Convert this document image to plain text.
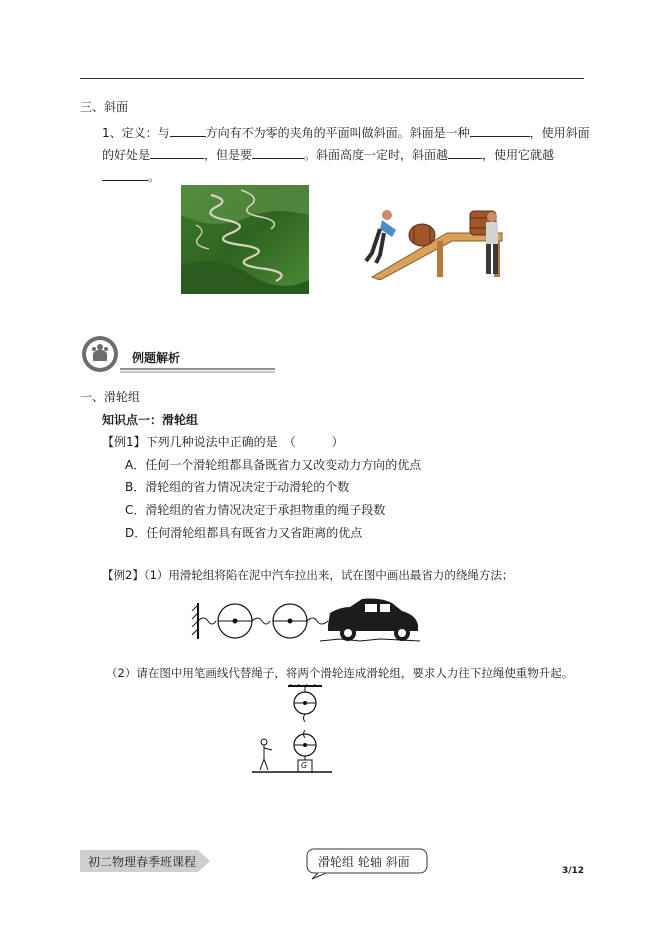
三、斜面
1、定义：与	方向有不为零的夹角的平面叫做斜面。斜面是一种	，使用斜面
的好处是	，但是要	。斜面高度一定时，斜面越	，使用它就越
。
例题解析
一、滑轮组
知识点一：滑轮组
【例1】下列几种说法中正确的是　（　　　）
A．任何一个滑轮组都具备既省力又改变动力方向的优点
B．滑轮组的省力情况决定于动滑轮的个数
C．滑轮组的省力情况决定于承担物重的绳子段数
D．任何滑轮组都具有既省力又省距离的优点
【例2】（1）用滑轮组将陷在泥中汽车拉出来，试在图中画出最省力的绕绳方法；
（2）请在图中用笔画线代替绳子，将两个滑轮连成滑轮组，要求人力往下拉绳使重物升起。
G
初二物理春季班课程	滑轮组 轮轴 斜面
3/12
